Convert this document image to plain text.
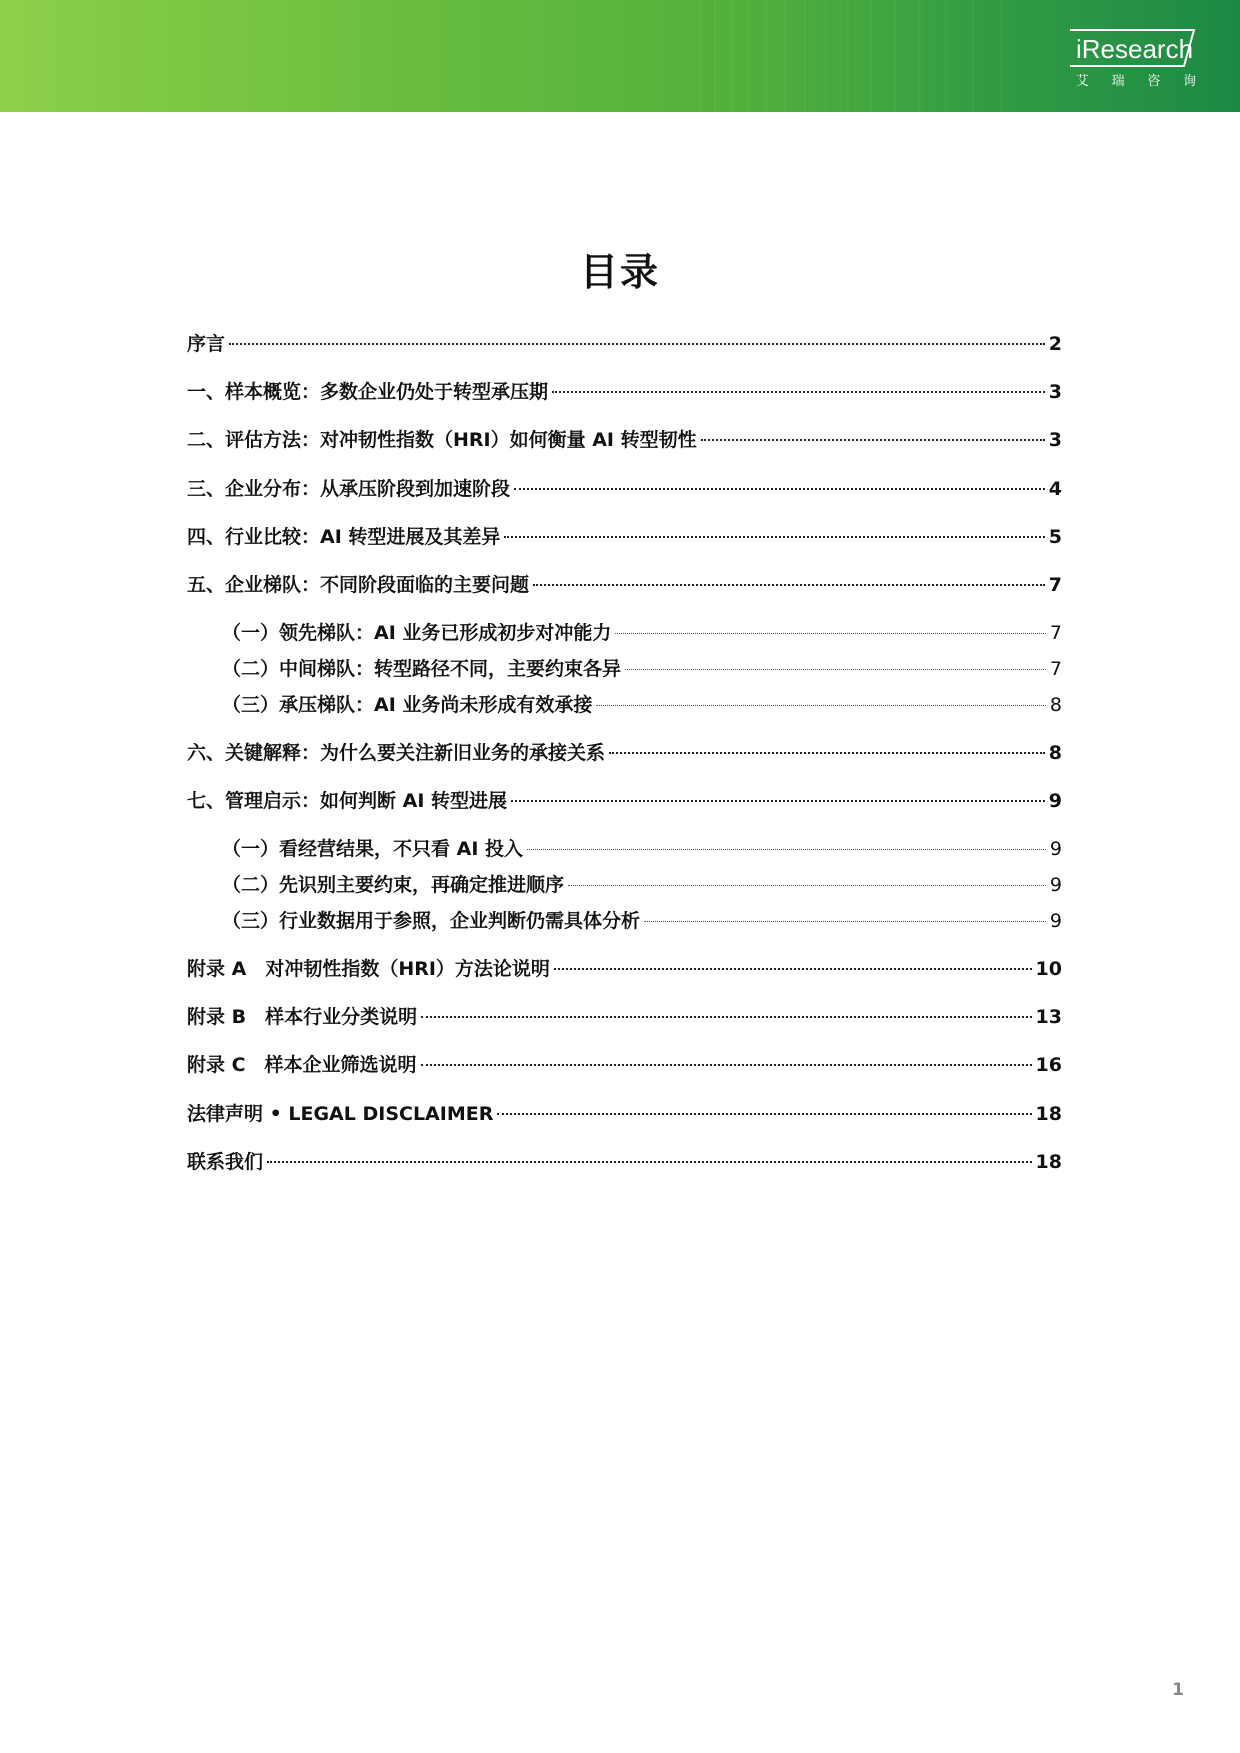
iResearch
艾 瑞 咨 询
目录
序言	2
一、样本概览：多数企业仍处于转型承压期	3
二、评估方法：对冲韧性指数（HRI）如何衡量 AI 转型韧性	3
三、企业分布：从承压阶段到加速阶段	4
四、行业比较：AI 转型进展及其差异	5
五、企业梯队：不同阶段面临的主要问题	7
（一）领先梯队：AI 业务已形成初步对冲能力	7
（二）中间梯队：转型路径不同，主要约束各异	7
（三）承压梯队：AI 业务尚未形成有效承接	8
六、关键解释：为什么要关注新旧业务的承接关系	8
七、管理启示：如何判断 AI 转型进展	9
（一）看经营结果，不只看 AI 投入	9
（二）先识别主要约束，再确定推进顺序	9
（三）行业数据用于参照，企业判断仍需具体分析	9
附录 A　对冲韧性指数（HRI）方法论说明	10
附录 B　样本行业分类说明	13
附录 C　样本企业筛选说明	16
法律声明 • LEGAL DISCLAIMER	18
联系我们	18
1
